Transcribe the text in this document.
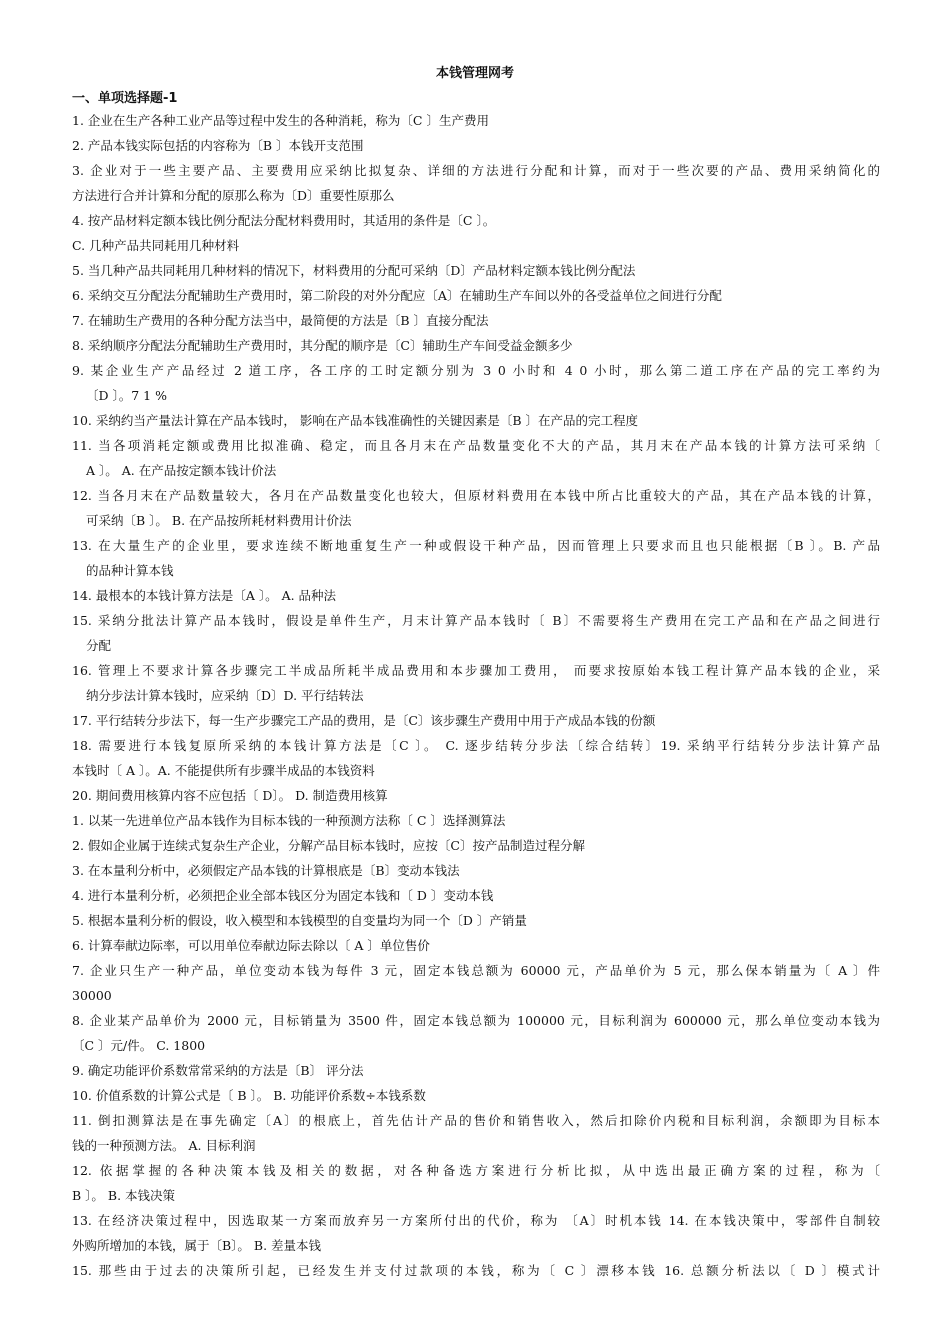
本钱管理网考
一、单项选择题-1
1. 企业在生产各种工业产品等过程中发生的各种消耗，称为〔C 〕生产费用
2. 产品本钱实际包括的内容称为〔B 〕本钱开支范围
3. 企业对于一些主要产品、主要费用应采纳比拟复杂、详细的方法进行分配和计算，而对于一些次要的产品、费用采纳简化的
方法进行合并计算和分配的原那么称为〔D〕重要性原那么
4. 按产品材料定额本钱比例分配法分配材料费用时，其适用的条件是〔C 〕。
C. 几种产品共同耗用几种材料
5. 当几种产品共同耗用几种材料的情况下，材料费用的分配可采纳〔D〕产品材料定额本钱比例分配法
6. 采纳交互分配法分配辅助生产费用时，第二阶段的对外分配应〔A〕在辅助生产车间以外的各受益单位之间进行分配
7. 在辅助生产费用的各种分配方法当中，最简便的方法是〔B 〕直接分配法
8. 采纳顺序分配法分配辅助生产费用时，其分配的顺序是〔C〕辅助生产车间受益金额多少
9. 某企业生产产品经过 2 道工序，各工序的工时定额分别为 3 0 小时和 4 0 小时，那么第二道工序在产品的完工率约为
〔D 〕。7 1 %
10. 采纳约当产量法计算在产品本钱时， 影响在产品本钱准确性的关键因素是〔B 〕在产品的完工程度
11. 当各项消耗定额或费用比拟准确、稳定，而且各月末在产品数量变化不大的产品，其月末在产品本钱的计算方法可采纳〔
A 〕。 A. 在产品按定额本钱计价法
12. 当各月末在产品数量较大，各月在产品数量变化也较大，但原材料费用在本钱中所占比重较大的产品，其在产品本钱的计算，
可采纳〔B 〕。 B. 在产品按所耗材料费用计价法
13. 在大量生产的企业里，要求连续不断地重复生产一种或假设干种产品，因而管理上只要求而且也只能根据〔B 〕。B. 产品
的品种计算本钱
14. 最根本的本钱计算方法是〔A 〕。 A. 品种法
15. 采纳分批法计算产品本钱时，假设是单件生产，月末计算产品本钱时〔 B〕不需要将生产费用在完工产品和在产品之间进行
分配
16. 管理上不要求计算各步骤完工半成品所耗半成品费用和本步骤加工费用， 而要求按原始本钱工程计算产品本钱的企业，采
纳分步法计算本钱时，应采纳〔D〕D. 平行结转法
17. 平行结转分步法下，每一生产步骤完工产品的费用，是〔C〕该步骤生产费用中用于产成品本钱的份额
18. 需要进行本钱复原所采纳的本钱计算方法是〔C 〕。 C. 逐步结转分步法〔综合结转〕19. 采纳平行结转分步法计算产品
本钱时〔 A 〕。A. 不能提供所有步骤半成品的本钱资料
20. 期间费用核算内容不应包括〔 D〕。 D. 制造费用核算
1. 以某一先进单位产品本钱作为目标本钱的一种预测方法称〔 C 〕选择测算法
2. 假如企业属于连续式复杂生产企业，分解产品目标本钱时，应按〔C〕按产品制造过程分解
3. 在本量利分析中，必须假定产品本钱的计算根底是〔B〕变动本钱法
4. 进行本量利分析，必须把企业全部本钱区分为固定本钱和〔 D 〕变动本钱
5. 根据本量利分析的假设，收入模型和本钱模型的自变量均为同一个〔D 〕产销量
6. 计算奉献边际率，可以用单位奉献边际去除以〔 A 〕单位售价
7. 企业只生产一种产品，单位变动本钱为每件 3 元，固定本钱总额为 60000 元，产品单价为 5 元，那么保本销量为〔 A 〕件
30000
8. 企业某产品单价为 2000 元，目标销量为 3500 件，固定本钱总额为 100000 元，目标利润为 600000 元，那么单位变动本钱为
〔C 〕元/件。 C. 1800
9. 确定功能评价系数常常采纳的方法是〔B〕 评分法
10. 价值系数的计算公式是〔 B 〕。 B. 功能评价系数÷本钱系数
11. 倒扣测算法是在事先确定〔A〕的根底上，首先估计产品的售价和销售收入，然后扣除价内税和目标利润，余额即为目标本
钱的一种预测方法。 A. 目标利润
12. 依据掌握的各种决策本钱及相关的数据，对各种备选方案进行分析比拟，从中选出最正确方案的过程，称为〔
B 〕。 B. 本钱决策
13. 在经济决策过程中，因选取某一方案而放弃另一方案所付出的代价，称为 〔A〕时机本钱 14. 在本钱决策中，零部件自制较
外购所增加的本钱，属于〔B〕。 B. 差量本钱
15. 那些由于过去的决策所引起，已经发生并支付过款项的本钱，称为〔 C 〕漂移本钱 16. 总额分析法以〔 D 〕模式计
